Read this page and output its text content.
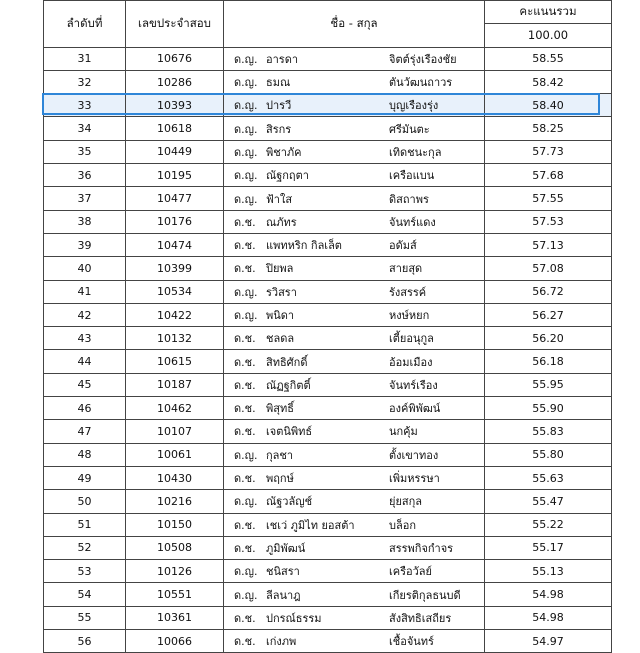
ลำดับที่	เลขประจำสอบ	ชื่อ - สกุล	คะแนนรวม
			100.00
31	10676	ด.ญ. อารดา จิตต์รุ่งเรืองชัย	58.55
32	10286	ด.ญ. ธมณ ตันวัฒนถาวร	58.42
33	10393	ด.ญ. ปารวี บุญเรืองรุ่ง	58.40
34	10618	ด.ญ. สิรกร ศรีมันตะ	58.25
35	10449	ด.ญ. พิชาภัค เทิดชนะกุล	57.73
36	10195	ด.ญ. ณัฐกฤตา เครือแบน	57.68
37	10477	ด.ญ. ฟ้าใส ดิสถาพร	57.55
38	10176	ด.ช. ณภัทร จันทร์แดง	57.53
39	10474	ด.ช. แพทหริก กิลเล็ต อดัมส์	57.13
40	10399	ด.ช. ปิยพล สายสุด	57.08
41	10534	ด.ญ. รวิสรา รังสรรค์	56.72
42	10422	ด.ญ. พนิดา หงษ์หยก	56.27
43	10132	ด.ช. ชลดล เตี้ยอนุกูล	56.20
44	10615	ด.ช. สิทธิศักดิ์ อ้อมเมือง	56.18
45	10187	ด.ช. ณัฏฐกิตติ์ จันทร์เรือง	55.95
46	10462	ด.ช. พิสุทธิ์ องค์พิพัฒน์	55.90
47	10107	ด.ช. เจตนิพิทธ์ นกคุ้ม	55.83
48	10061	ด.ญ. กุลชา ตั้งเขาทอง	55.80
49	10430	ด.ช. พฤกษ์ เพิ่มหรรษา	55.63
50	10216	ด.ญ. ณัฐวลัญช์ ยุ่ยสกุล	55.47
51	10150	ด.ช. เชเว่ ภูมิไท ยอสต้า บล็อก	55.22
52	10508	ด.ช. ภูมิพัฒน์ สรรพกิจกำจร	55.17
53	10126	ด.ญ. ชนิสรา เครือวัลย์	55.13
54	10551	ด.ญ. ลีลนาฎ เกียรติกุลธนบดี	54.98
55	10361	ด.ช. ปกรณ์ธรรม สังสิทธิเสถียร	54.98
56	10066	ด.ช. เก่งภพ เชื้อจันทร์	54.97
